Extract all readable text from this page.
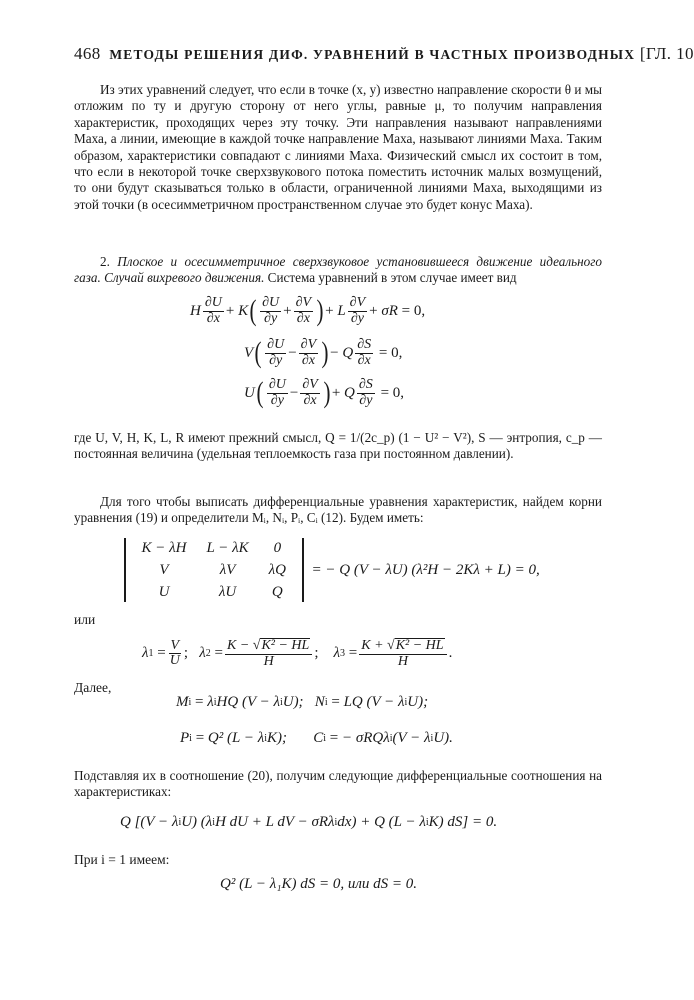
468 МЕТОДЫ РЕШЕНИЯ ДИФ. УРАВНЕНИЙ В ЧАСТНЫХ ПРОИЗВОДНЫХ [ГЛ. 10
Из этих уравнений следует, что если в точке (x, y) известно направление скорости θ и мы отложим по ту и другую сторону от него углы, равные μ, то получим направления характеристик, проходящих через эту точку. Эти направления называют направлениями Маха, а линии, имеющие в каждой точке направление Маха, называют линиями Маха. Таким образом, характеристики совпадают с линиями Маха. Физический смысл их состоит в том, что если в некоторой точке сверхзвукового потока поместить источник малых возмущений, то они будут сказываться только в области, ограниченной линиями Маха, выходящими из этой точки (в осесимметричном пространственном случае это будет конус Маха).
2. Плоское и осесимметричное сверхзвуковое установившееся движение идеального газа. Случай вихревого движения. Система уравнений в этом случае имеет вид
H $\frac{\partial U}{\partial x} + K$ ( $\frac{\partial U}{\partial y} + \frac{\partial V}{\partial x}$ ) + L $\frac{\partial V}{\partial y} + \sigma R = 0$,
V ( $\frac{\partial U}{\partial y} - \frac{\partial V}{\partial x}$ ) − Q $\frac{\partial S}{\partial x} = 0$,
U ( $\frac{\partial U}{\partial y} - \frac{\partial V}{\partial x}$ ) + Q $\frac{\partial S}{\partial y} = 0$,
где U, V, H, K, L, R имеют прежний смысл, Q = 1/(2c_p) (1 − U² − V²), S — энтропия, c_p — постоянная величина (удельная теплоемкость газа при постоянном давлении).
Для того чтобы выписать дифференциальные уравнения характеристик, найдем корни уравнения (19) и определители Mᵢ, Nᵢ, Pᵢ, Cᵢ (12). Будем иметь:
K − λH	L − λK	0
V	λV	λQ
U	λU	Q
= − Q (V − λU) (λ²H − 2Kλ + L) = 0,
или
λ $1 = \frac{V}{U}$ ; λ $2 = \frac{\text{K − √K² − HL}}{H}$ ; λ $3 = \frac{\text{K + √K² − HL}}{H}$ .
Далее,
M i = λ i HQ (V − λ i U);   N i = LQ (V − λ i U);
P i = Q² (L − λ i K);       C i = − σRQλ i (V − λ i U).
Подставляя их в соотношение (20), получим следующие дифференциальные соотношения на характеристиках:
Q [(V − λ i U) (λ i H dU + L dV − σRλ i dx) + Q (L − λ i K) dS] = 0.
При i = 1 имеем:
Q² (L − λ₁K) dS = 0, или dS = 0.
